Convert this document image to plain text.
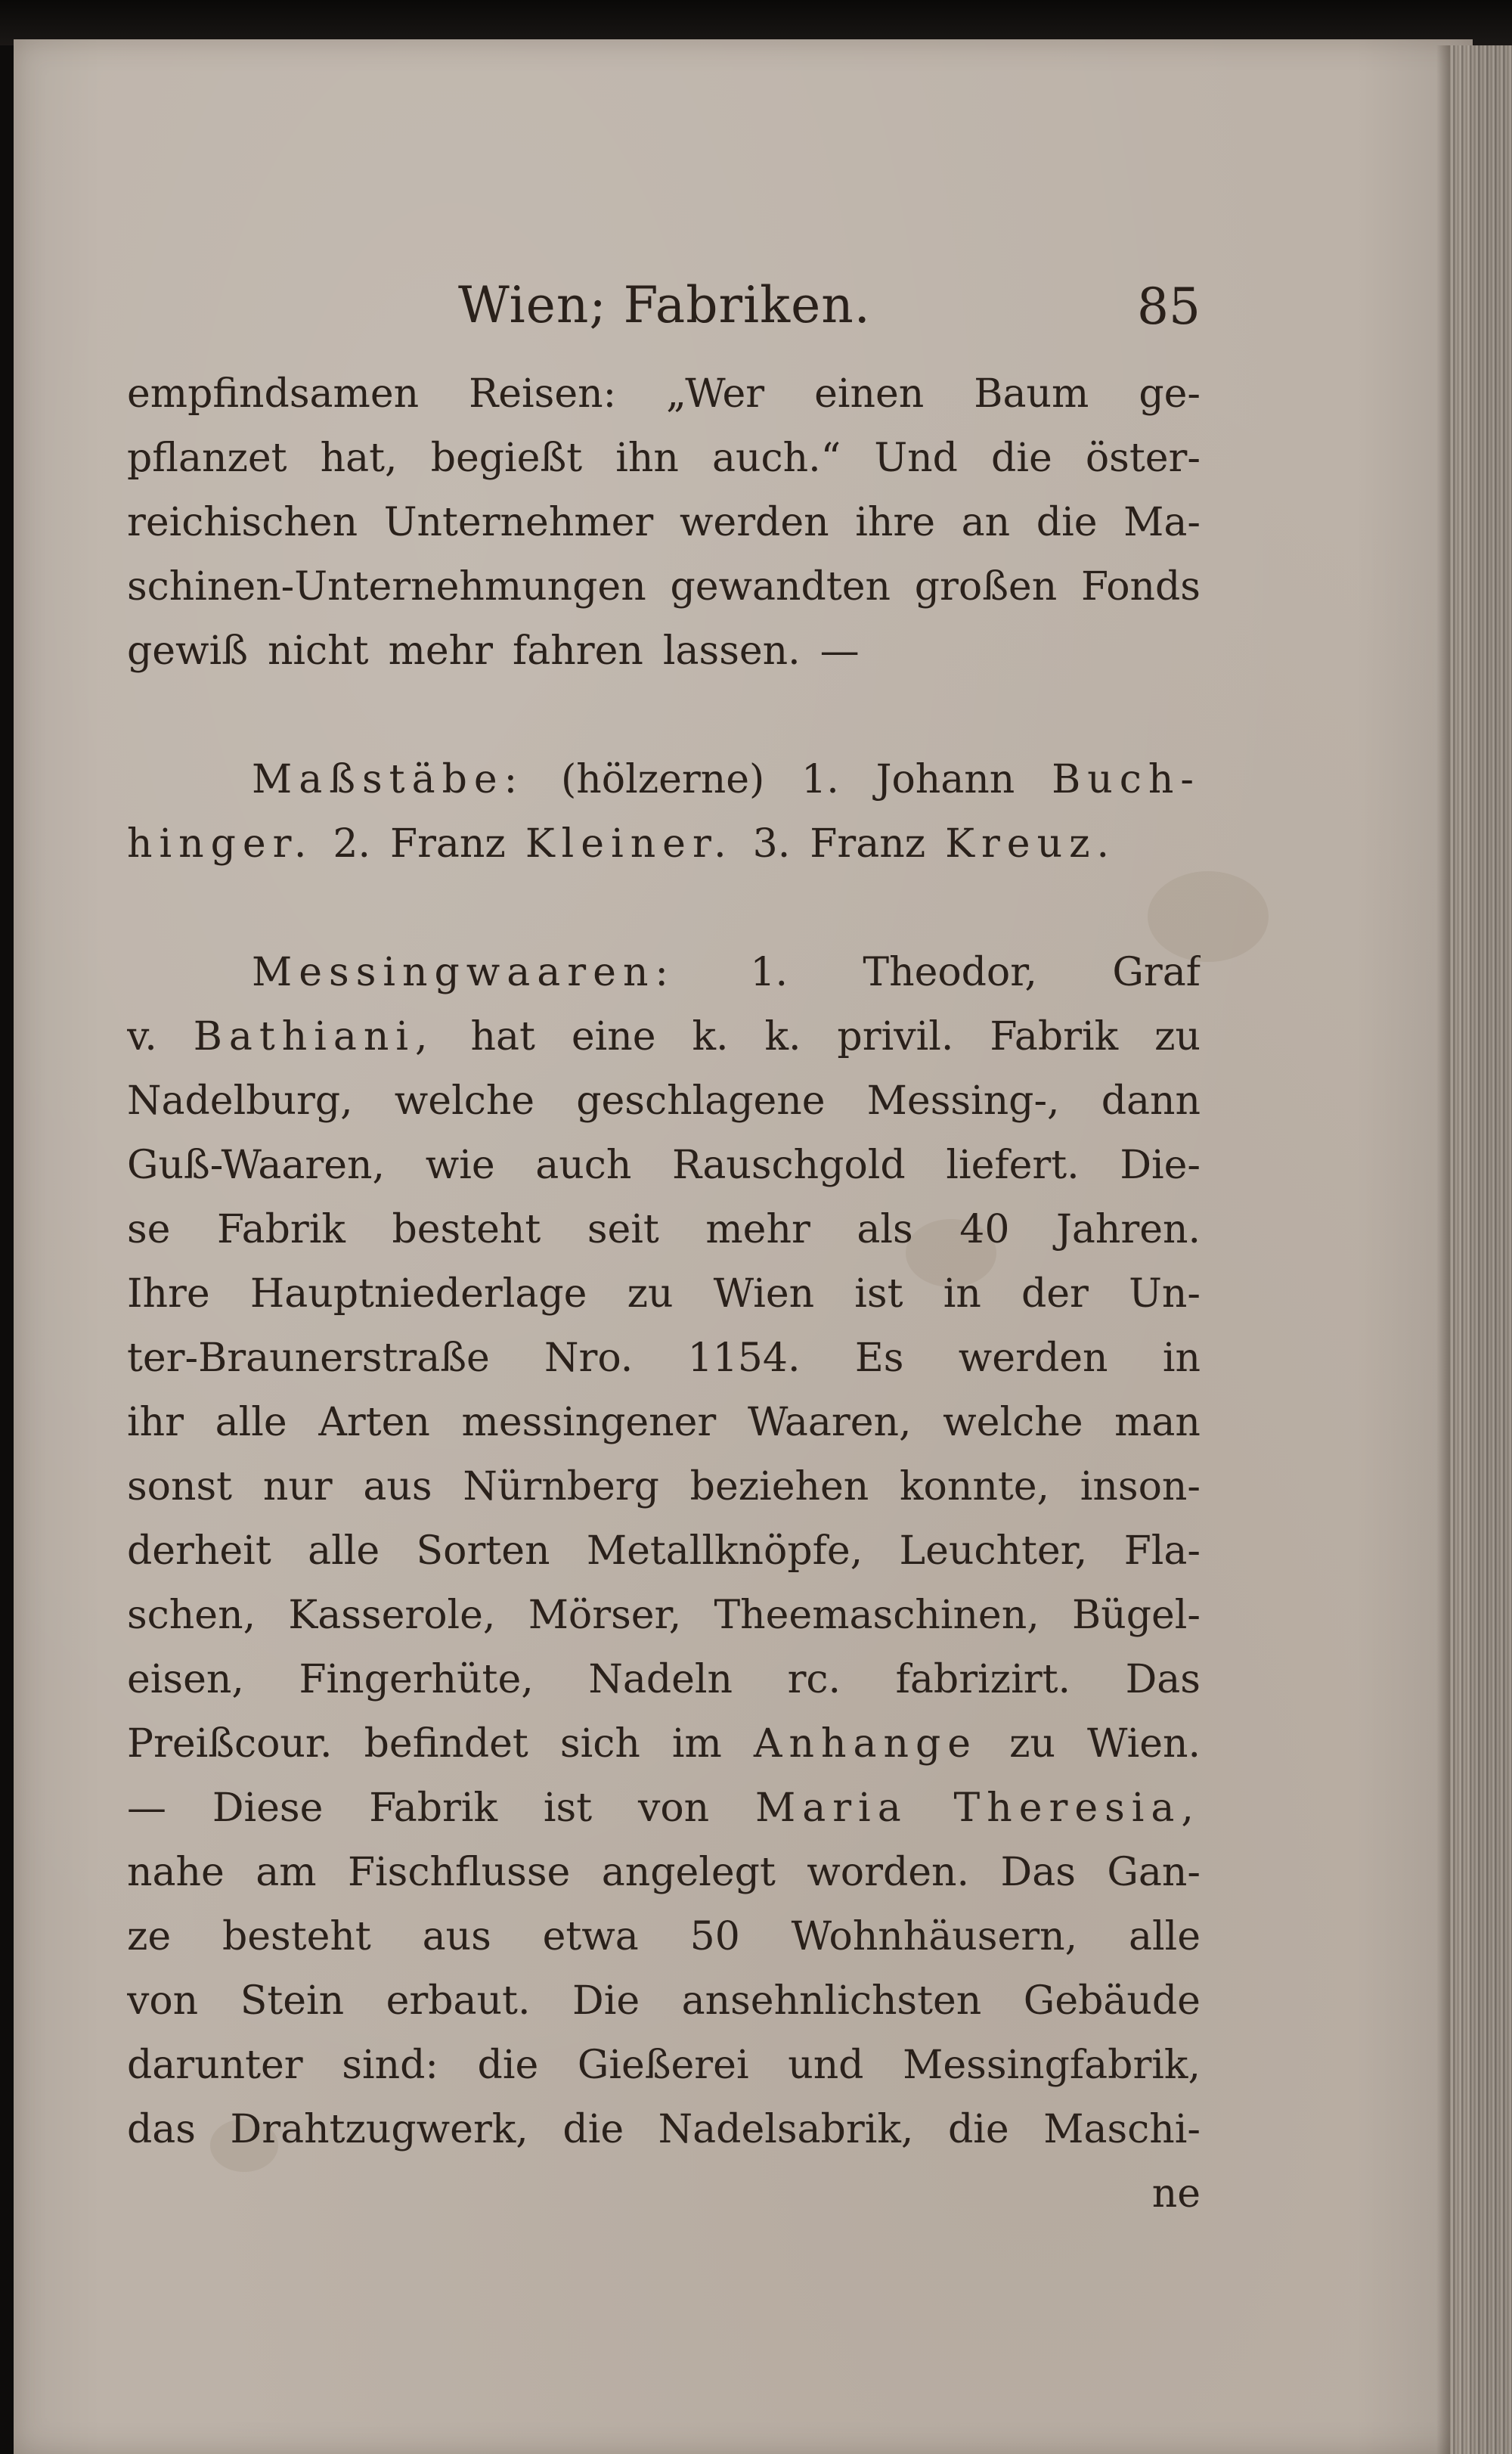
Wien; Fabriken.	85
empfindsamen Reisen: „Wer einen Baum ge-
pflanzet hat, begießt ihn auch.“ Und die öster-
reichischen Unternehmer werden ihre an die Ma-
schinen-Unternehmungen gewandten großen Fonds
gewiß nicht mehr fahren lassen. —
Maßstäbe: (hölzerne) 1. Johann Buch-
hinger. 2. Franz Kleiner. 3. Franz Kreuz.
Messingwaaren: 1. Theodor, Graf
v. Bathiani, hat eine k. k. privil. Fabrik zu
Nadelburg, welche geschlagene Messing-, dann
Guß-Waaren, wie auch Rauschgold liefert. Die-
se Fabrik besteht seit mehr als 40 Jahren.
Ihre Hauptniederlage zu Wien ist in der Un-
ter-Braunerstraße Nro. 1154. Es werden in
ihr alle Arten messingener Waaren, welche man
sonst nur aus Nürnberg beziehen konnte, inson-
derheit alle Sorten Metallknöpfe, Leuchter, Fla-
schen, Kasserole, Mörser, Theemaschinen, Bügel-
eisen, Fingerhüte, Nadeln rc. fabrizirt. Das
Preißcour. befindet sich im Anhange zu Wien.
— Diese Fabrik ist von Maria Theresia,
nahe am Fischflusse angelegt worden. Das Gan-
ze besteht aus etwa 50 Wohnhäusern, alle
von Stein erbaut. Die ansehnlichsten Gebäude
darunter sind: die Gießerei und Messingfabrik,
das Drahtzugwerk, die Nadelsabrik, die Maschi-
ne
